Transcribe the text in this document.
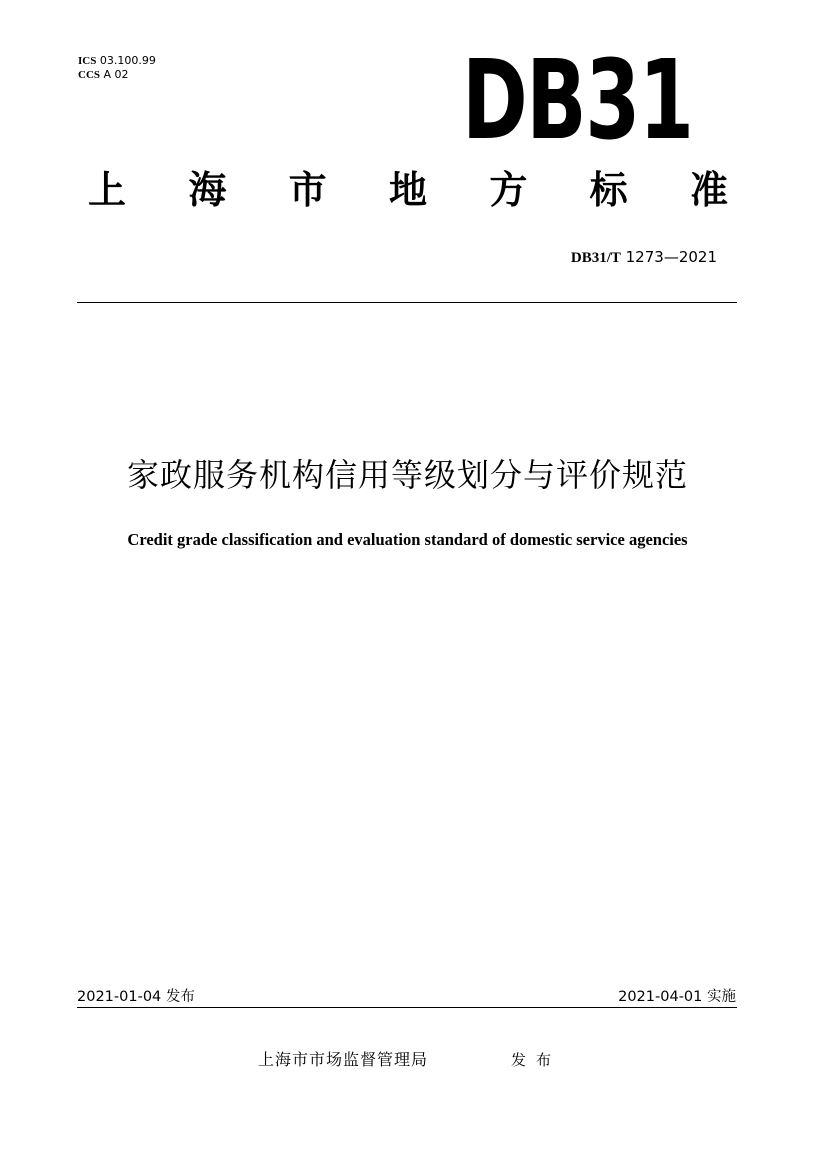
ICS 03.100.99
CCS A 02	DB31
上 海 市 地 方 标 准
DB31/T 1273—2021
家政服务机构信用等级划分与评价规范
Credit grade classification and evaluation standard of domestic service agencies
2021-01-04 发布	2021-04-01 实施
上海市市场监督管理局	发布
